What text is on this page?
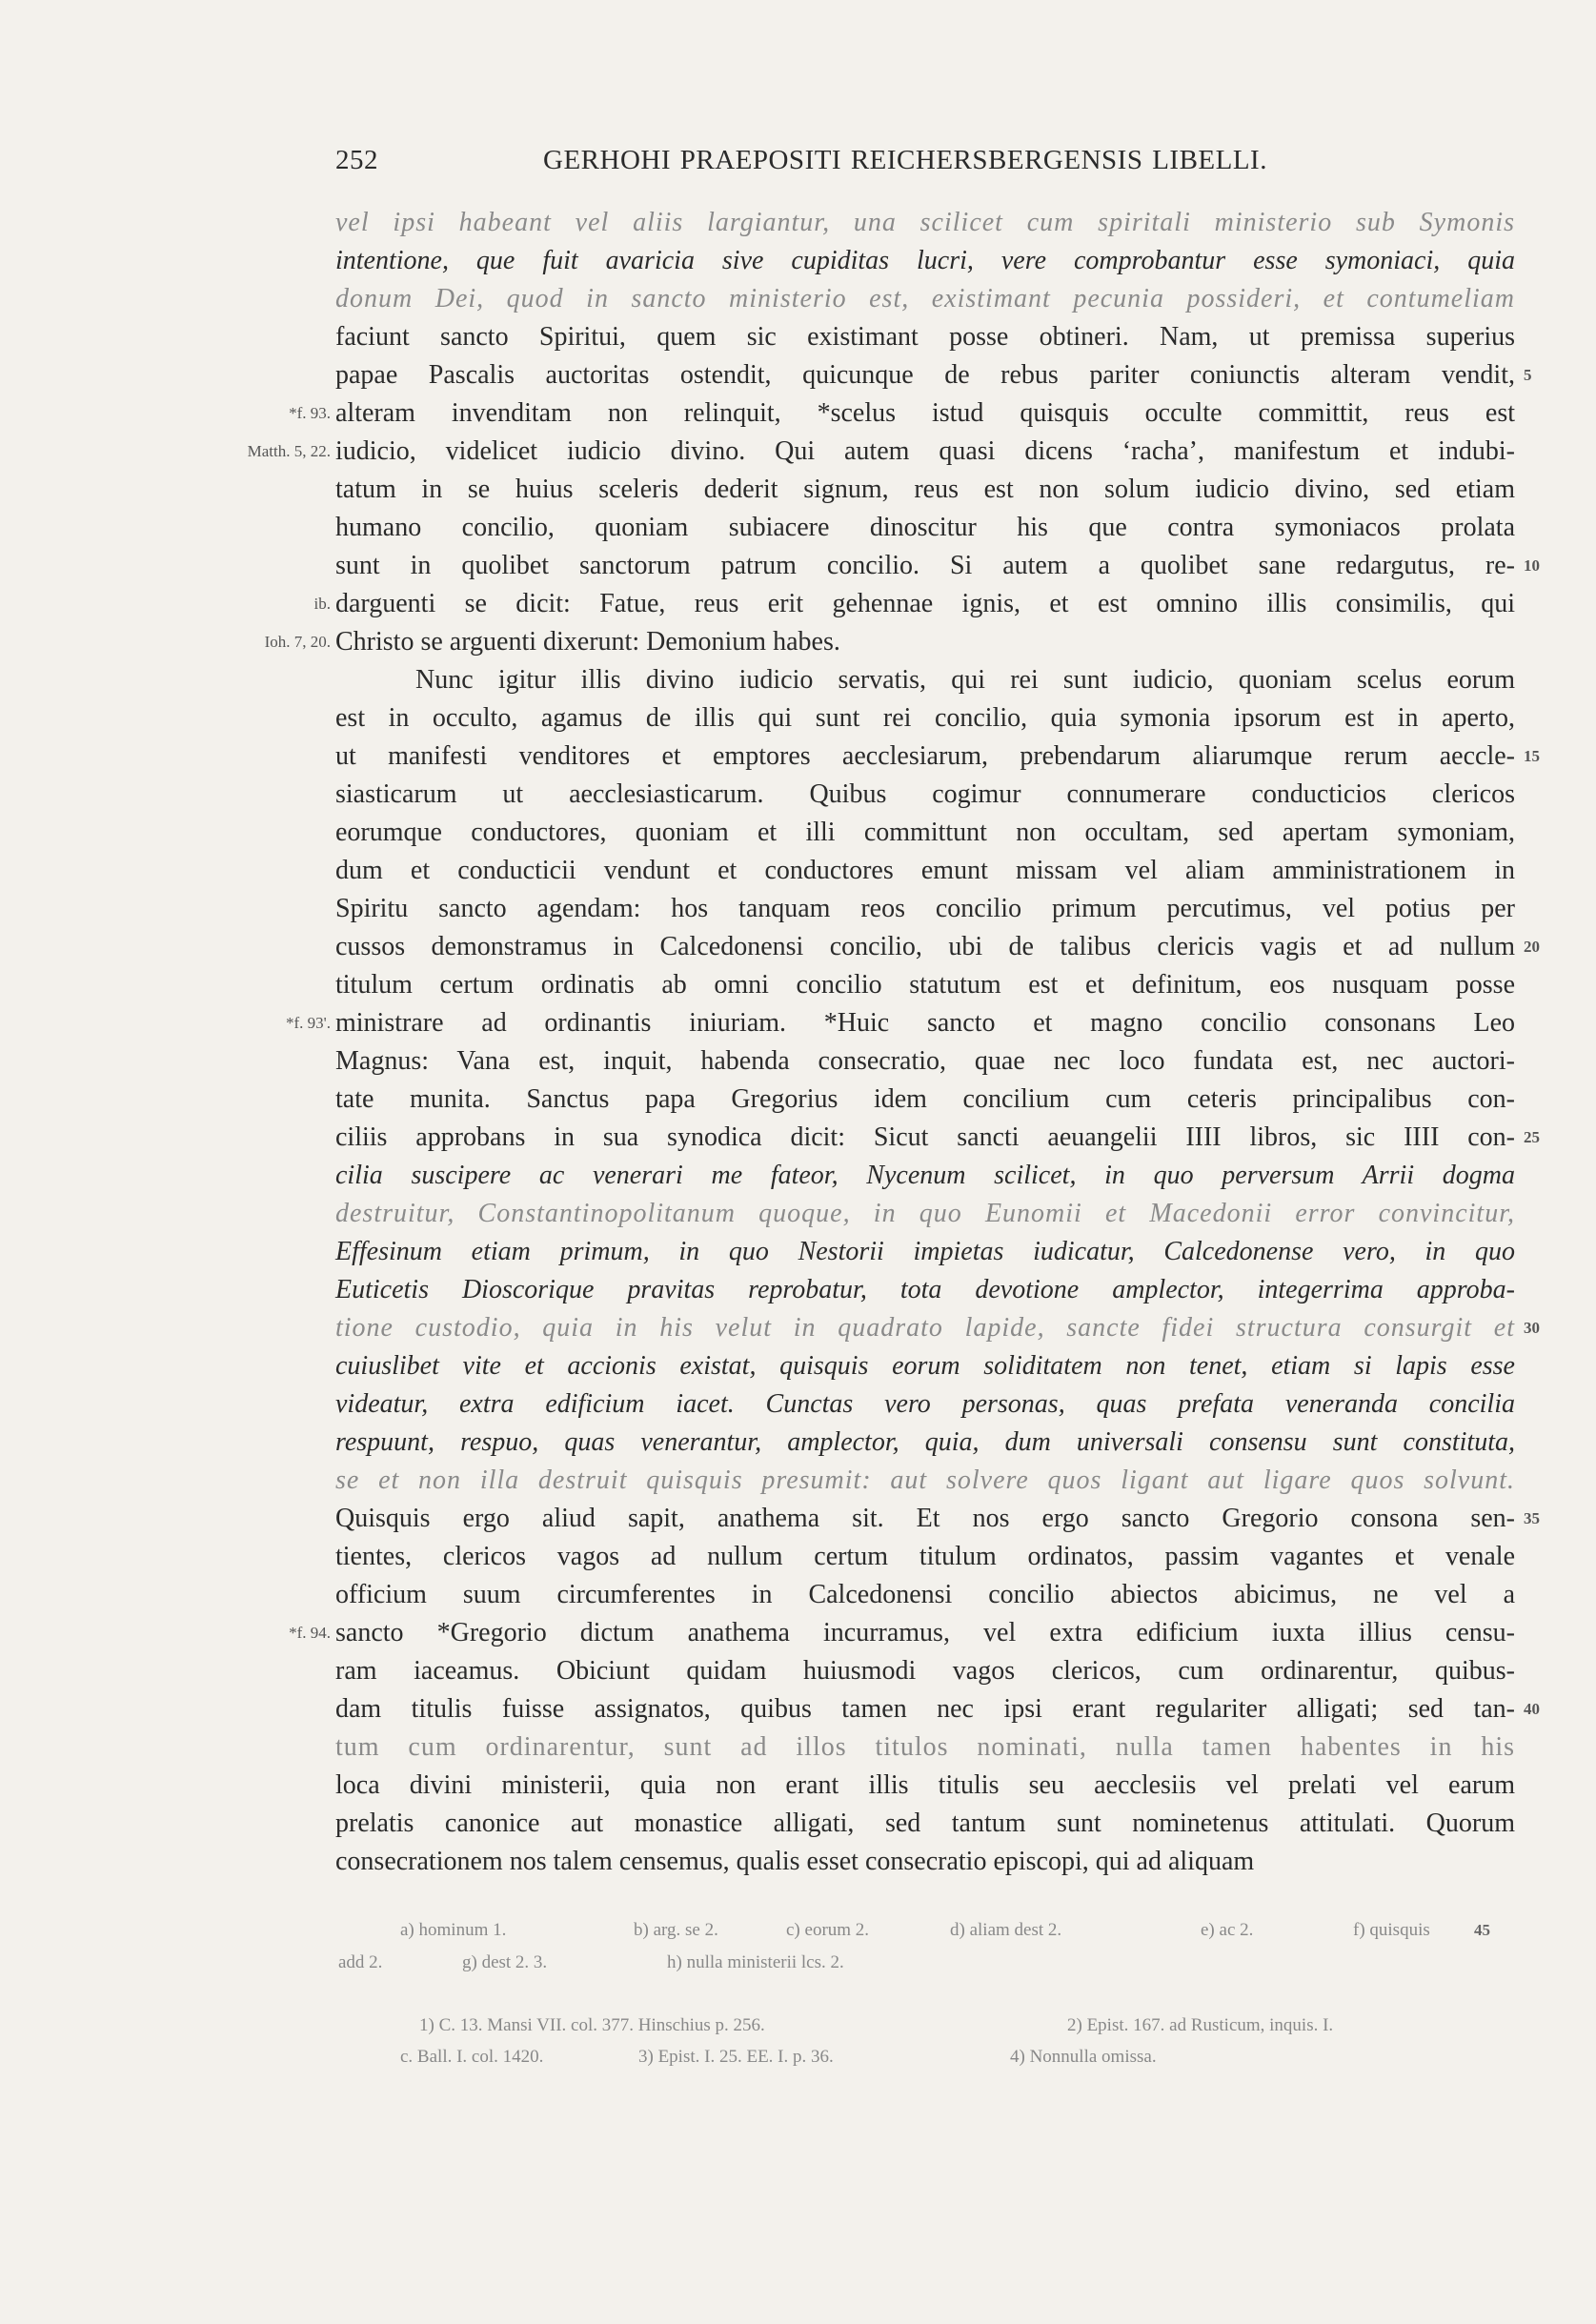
252	GERHOHI PRAEPOSITI REICHERSBERGENSIS LIBELLI.
vel ipsi habeant vel aliis largiantur, una scilicet cum spiritali ministerio sub Symonis
intentione, que fuit avaricia sive cupiditas lucri, vere comprobantur esse symoniaci, quia
donum Dei, quod in sancto ministerio est, existimant pecunia possideri, et contumeliam
faciunt sancto Spiritui, quem sic existimant posse obtineri. Nam, ut premissa superius
papae Pascalis auctoritas ostendit, quicunque de rebus pariter coniunctis alteram vendit, 5
alteram invenditam non relinquit, *scelus istud quisquis occulte committit, reus est
*f. 93.
iudicio, videlicet iudicio divino. Qui autem quasi dicens ‘racha’, manifestum et indubi-
Matth. 5, 22.
tatum in se huius sceleris dederit signum, reus est non solum iudicio divino, sed etiam
humano concilio, quoniam subiacere dinoscitur his que contra symoniacos prolata
sunt in quolibet sanctorum patrum concilio. Si autem a quolibet sane redargutus, re- 10
darguenti se dicit: Fatue, reus erit gehennae ignis, et est omnino illis consimilis, qui
ib.
Christo se arguenti dixerunt: Demonium habes.
Ioh. 7, 20.
Nunc igitur illis divino iudicio servatis, qui rei sunt iudicio, quoniam scelus eorum
est in occulto, agamus de illis qui sunt rei concilio, quia symonia ipsorum est in aperto,
ut manifesti venditores et emptores aecclesiarum, prebendarum aliarumque rerum aeccle- 15
siasticarum ut aecclesiasticarum. Quibus cogimur connumerare conducticios clericos
eorumque conductores, quoniam et illi committunt non occultam, sed apertam symoniam,
dum et conducticii vendunt et conductores emunt missam vel aliam amministrationem in
Spiritu sancto agendam: hos tanquam reos concilio primum percutimus, vel potius per
cussos demonstramus in Calcedonensi concilio, ubi de talibus clericis vagis et ad nullum 20
titulum certum ordinatis ab omni concilio statutum est et definitum, eos nusquam posse
ministrare ad ordinantis iniuriam. *Huic sancto et magno concilio consonans Leo
*f. 93'.
Magnus: Vana est, inquit, habenda consecratio, quae nec loco fundata est, nec auctori-
tate munita. Sanctus papa Gregorius idem concilium cum ceteris principalibus con-
ciliis approbans in sua synodica dicit: Sicut sancti aeuangelii IIII libros, sic IIII con- 25
cilia suscipere ac venerari me fateor, Nycenum scilicet, in quo perversum Arrii dogma
destruitur, Constantinopolitanum quoque, in quo Eunomii et Macedonii error convincitur,
Effesinum etiam primum, in quo Nestorii impietas iudicatur, Calcedonense vero, in quo
Euticetis Dioscorique pravitas reprobatur, tota devotione amplector, integerrima approba-
tione custodio, quia in his velut in quadrato lapide, sancte fidei structura consurgit et 30
cuiuslibet vite et accionis existat, quisquis eorum soliditatem non tenet, etiam si lapis esse
videatur, extra edificium iacet. Cunctas vero personas, quas prefata veneranda concilia
respuunt, respuo, quas venerantur, amplector, quia, dum universali consensu sunt constituta,
se et non illa destruit quisquis presumit: aut solvere quos ligant aut ligare quos solvunt.
Quisquis ergo aliud sapit, anathema sit. Et nos ergo sancto Gregorio consona sen- 35
tientes, clericos vagos ad nullum certum titulum ordinatos, passim vagantes et venale
officium suum circumferentes in Calcedonensi concilio abiectos abicimus, ne vel a
sancto *Gregorio dictum anathema incurramus, vel extra edificium iuxta illius censu-
*f. 94.
ram iaceamus. Obiciunt quidam huiusmodi vagos clericos, cum ordinarentur, quibus-
dam titulis fuisse assignatos, quibus tamen nec ipsi erant regulariter alligati; sed tan- 40
tum cum ordinarentur, sunt ad illos titulos nominati, nulla tamen habentes in his
loca divini ministerii, quia non erant illis titulis seu aecclesiis vel prelati vel earum
prelatis canonice aut monastice alligati, sed tantum sunt nominetenus attitulati. Quorum
consecrationem nos talem censemus, qualis esset consecratio episcopi, qui ad aliquam
a) hominum 1.	b) arg. se 2.	c) eorum 2.	d) aliam dest 2.	e) ac 2.	f) quisquis	45
add 2.	g) dest 2. 3.	h) nulla ministerii lcs. 2.
1) C. 13. Mansi VII. col. 377. Hinschius p. 256.	2) Epist. 167. ad Rusticum, inquis. I.
c. Ball. I. col. 1420.	3) Epist. I. 25. EE. I. p. 36.	4) Nonnulla omissa.
